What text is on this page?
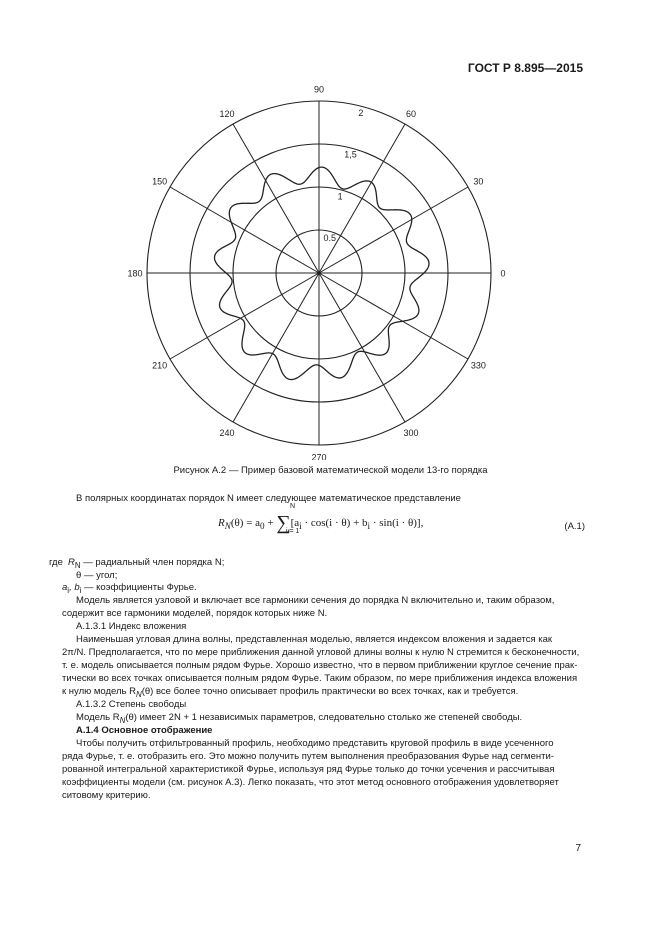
ГОСТ Р 8.895—2015
0
30
60
90
120
150
180
210
240
270
300
330
0.5
1
1,5
2
Рисунок А.2 — Пример базовой математической модели 13-го порядка
В полярных координатах порядок N имеет следующее математическое представление
$R_N(\theta) = a_0$ + ∑
N
i = 1
$[a_i \cdot \cos(i \cdot \theta) + b_i \cdot \sin(i \cdot \theta)]$,	(A.1)
где $R_N$ — радиальный член порядка N;
θ — угол;
$a_i$, $b_i$ — коэффициенты Фурье.
Модель является узловой и включает все гармоники сечения до порядка N включительно и, таким образом,
содержит все гармоники моделей, порядок которых ниже N.
А.1.3.1 Индекс вложения
Наименьшая угловая длина волны, представленная моделью, является индексом вложения и задается как
2π/N. Предполагается, что по мере приближения данной угловой длины волны к нулю N стремится к бесконечности,
т. е. модель описывается полным рядом Фурье. Хорошо известно, что в первом приближении круглое сечение прак-
тически во всех точках описывается полным рядом Фурье. Таким образом, по мере приближения индекса вложения
к нулю модель $R_N(\theta)$ все более точно описывает профиль практически во всех точках, как и требуется.
А.1.3.2 Степень свободы
Модель $R_N(\theta)$ имеет 2N + 1 независимых параметров, следовательно столько же степеней свободы.
А.1.4 Основное отображение
Чтобы получить отфильтрованный профиль, необходимо представить круговой профиль в виде усеченного
ряда Фурье, т. е. отобразить его. Это можно получить путем выполнения преобразования Фурье над сегменти-
рованной интегральной характеристикой Фурье, используя ряд Фурье только до точки усечения и рассчитывая
коэффициенты модели (см. рисунок А.3). Легко показать, что этот метод основного отображения удовлетворяет
ситовому критерию.
7
